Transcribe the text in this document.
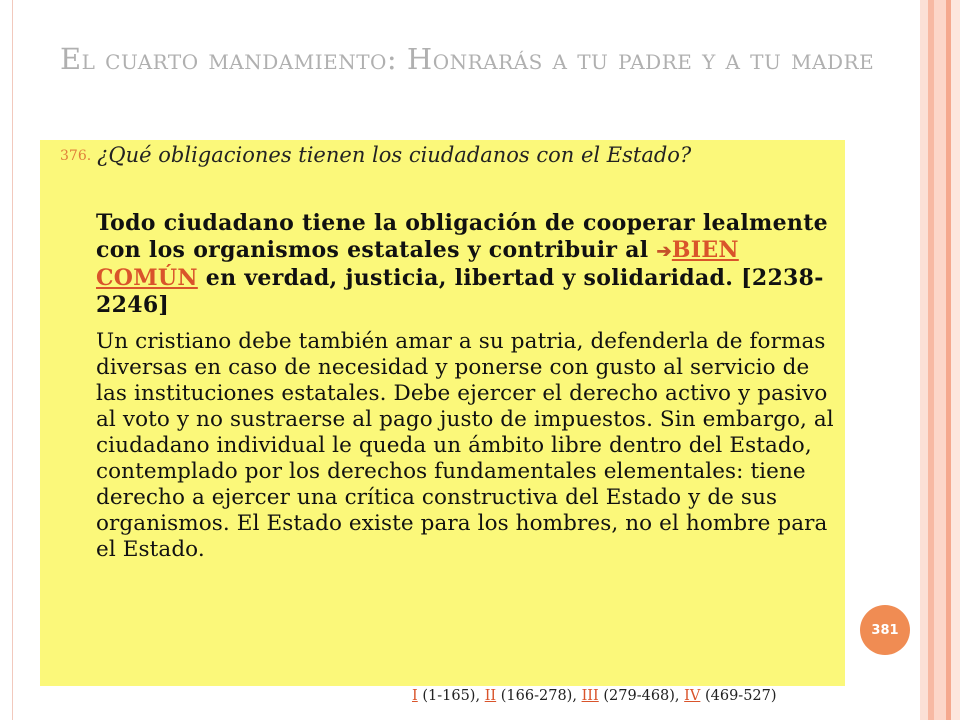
El cuarto mandamiento: Honrarás a tu padre y a tu madre
376. ¿Qué obligaciones tienen los ciudadanos con el Estado?
Todo ciudadano tiene la obligación de cooperar lealmente con los organismos estatales y contribuir al ➔BIEN COMÚN en verdad, justicia, libertad y solidaridad. [2238-2246]
Un cristiano debe también amar a su patria, defenderla de formas diversas en caso de necesidad y ponerse con gusto al servicio de las instituciones estatales. Debe ejercer el derecho activo y pasivo al voto y no sustraerse al pago justo de impuestos. Sin embargo, al ciudadano individual le queda un ámbito libre dentro del Estado, contemplado por los derechos fundamentales elementales: tiene derecho a ejercer una crítica constructiva del Estado y de sus organismos. El Estado existe para los hombres, no el hombre para el Estado.
381
I (1-165), II (166-278), III (279-468), IV (469-527)
